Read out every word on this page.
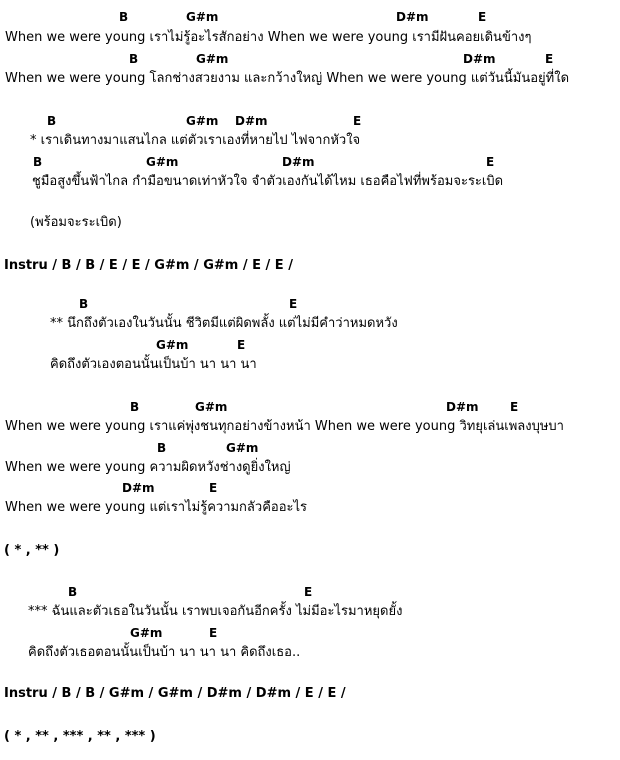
B	G#m	D#m	E
When we were young เราไม่รู้อะไรสักอย่าง When we were young เรามีฝันคอยเดินข้างๆ
B	G#m	D#m	E
When we were young โลกช่างสวยงาม และกว้างใหญ่ When we were young แต่วันนี้มันอยู่ที่ใด
B	G#m D#m	E
* เราเดินทางมาแสนไกล แต่ตัวเราเองที่หายไป ไฟจากหัวใจ
B	G#m	D#m	E
ชูมือสูงขึ้นฟ้าไกล กำมือขนาดเท่าหัวใจ จำตัวเองกันได้ไหม เธอคือไฟที่พร้อมจะระเบิด
(พร้อมจะระเบิด)
Instru / B / B / E / E / G#m / G#m / E / E /
B	E
** นึกถึงตัวเองในวันนั้น ชีวิตมีแต่ผิดพลั้ง แต่ไม่มีคำว่าหมดหวัง
G#m	E
คิดถึงตัวเองตอนนั้นเป็นบ้า นา นา นา
B	G#m	D#m	E
When we were young เราแค่พุ่งชนทุกอย่างข้างหน้า When we were young วิทยุเล่นเพลงบุษบา
B	G#m
When we were young ความผิดหวังช่างดูยิ่งใหญ่
D#m	E
When we were young แต่เราไม่รู้ความกลัวคืออะไร
( * , ** )
B	E
*** ฉันและตัวเธอในวันนั้น เราพบเจอกันอีกครั้ง ไม่มีอะไรมาหยุดยั้ง
G#m	E
คิดถึงตัวเธอตอนนั้นเป็นบ้า นา นา นา คิดถึงเธอ..
Instru / B / B / G#m / G#m / D#m / D#m / E / E /
( * , ** , *** , ** , *** )
